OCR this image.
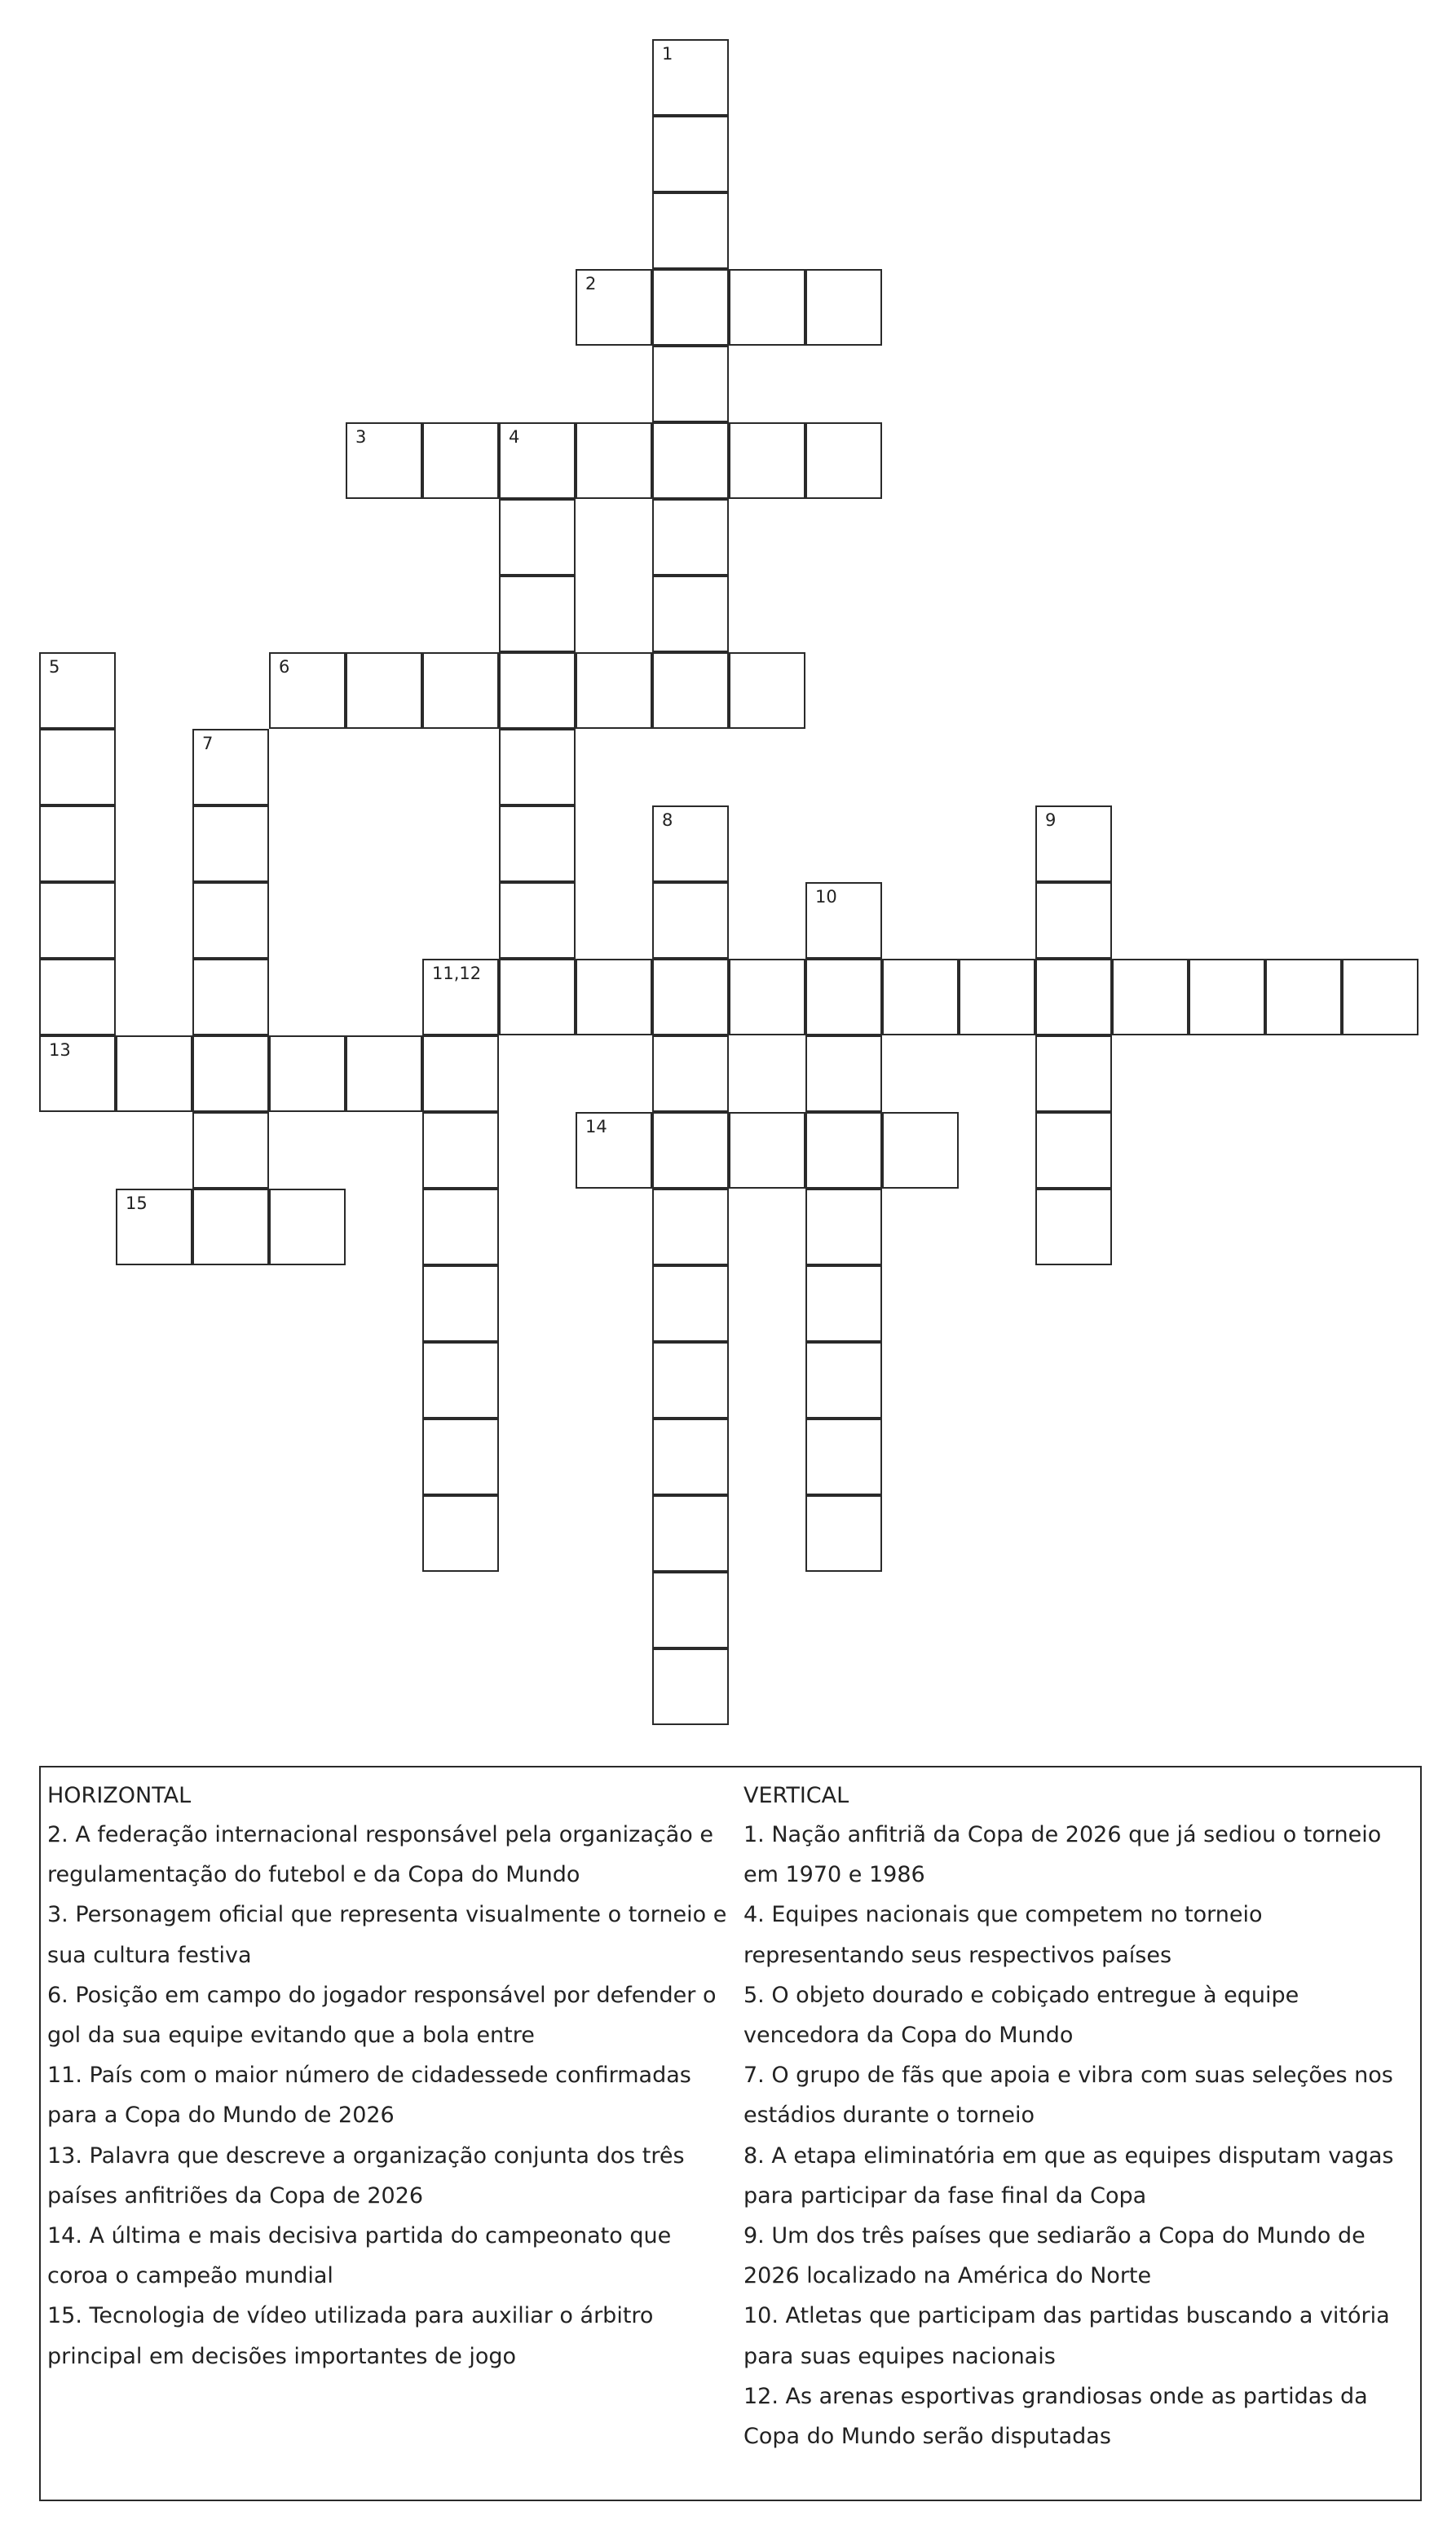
1
2
3	4
5
13
6
7
8	9
10
11,12
14
15
HORIZONTAL
2. A federação internacional responsável pela organização e regulamentação do futebol e da Copa do Mundo
3. Personagem oficial que representa visualmente o torneio e sua cultura festiva
6. Posição em campo do jogador responsável por defender o gol da sua equipe evitando que a bola entre
11. País com o maior número de cidadessede confirmadas para a Copa do Mundo de 2026
13. Palavra que descreve a organização conjunta dos três países anfitriões da Copa de 2026
14. A última e mais decisiva partida do campeonato que coroa o campeão mundial
15. Tecnologia de vídeo utilizada para auxiliar o árbitro principal em decisões importantes de jogo
VERTICAL
1. Nação anfitriã da Copa de 2026 que já sediou o torneio em 1970 e 1986
4. Equipes nacionais que competem no torneio representando seus respectivos países
5. O objeto dourado e cobiçado entregue à equipe vencedora da Copa do Mundo
7. O grupo de fãs que apoia e vibra com suas seleções nos estádios durante o torneio
8. A etapa eliminatória em que as equipes disputam vagas para participar da fase final da Copa
9. Um dos três países que sediarão a Copa do Mundo de 2026 localizado na América do Norte
10. Atletas que participam das partidas buscando a vitória para suas equipes nacionais
12. As arenas esportivas grandiosas onde as partidas da Copa do Mundo serão disputadas
